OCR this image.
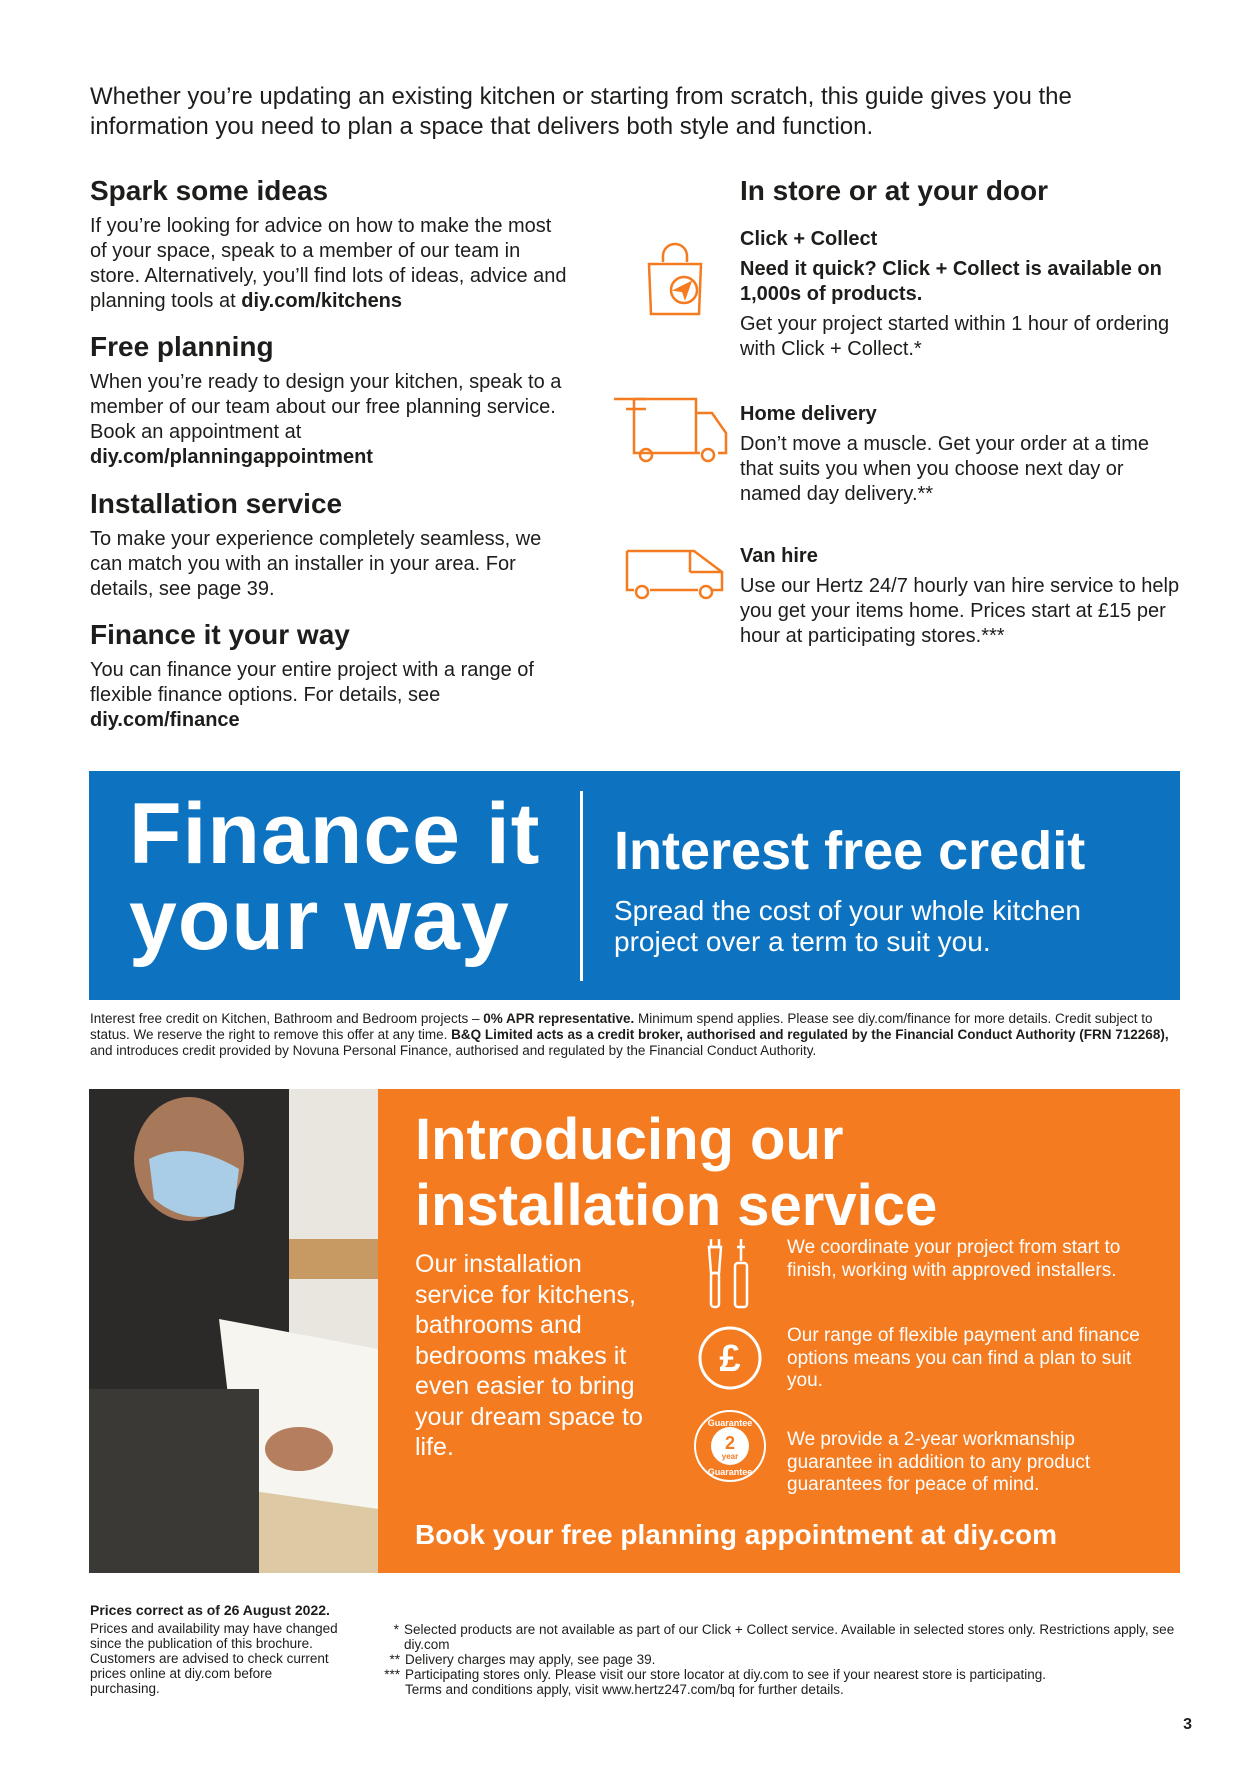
Whether you’re updating an existing kitchen or starting from scratch, this guide gives you the information you need to plan a space that delivers both style and function.
Spark some ideas
If you’re looking for advice on how to make the most of your space, speak to a member of our team in store. Alternatively, you’ll find lots of ideas, advice and planning tools at diy.com/kitchens
Free planning
When you’re ready to design your kitchen, speak to a member of our team about our free planning service. Book an appointment at diy.com/planningappointment
Installation service
To make your experience completely seamless, we can match you with an installer in your area. For details, see page 39.
Finance it your way
You can finance your entire project with a range of flexible finance options. For details, see diy.com/finance
In store or at your door
Click + Collect
Need it quick? Click + Collect is available on 1,000s of products.
Get your project started within 1 hour of ordering with Click + Collect.*
Home delivery
Don’t move a muscle. Get your order at a time that suits you when you choose next day or named day delivery.**
Van hire
Use our Hertz 24/7 hourly van hire service to help you get your items home. Prices start at £15 per hour at participating stores.***
Finance it
your way
Interest free credit
Spread the cost of your whole kitchen project over a term to suit you.
Interest free credit on Kitchen, Bathroom and Bedroom projects – 0% APR representative. Minimum spend applies. Please see diy.com/finance for more details. Credit subject to status. We reserve the right to remove this offer at any time. B&Q Limited acts as a credit broker, authorised and regulated by the Financial Conduct Authority (FRN 712268), and introduces credit provided by Novuna Personal Finance, authorised and regulated by the Financial Conduct Authority.
Introducing our
installation service
Our installation service for kitchens, bathrooms and bedrooms makes it even easier to bring your dream space to life.
We coordinate your project from start to finish, working with approved installers.
£
Our range of flexible payment and finance options means you can find a plan to suit you.
Guarantee
2
year
Guarantee
We provide a 2-year workmanship guarantee in addition to any product guarantees for peace of mind.
Book your free planning appointment at diy.com
Prices correct as of 26 August 2022.
Prices and availability may have changed since the publication of this brochure. Customers are advised to check current prices online at diy.com before purchasing.
* Selected products are not available as part of our Click + Collect service. Available in selected stores only. Restrictions apply, see diy.com
** Delivery charges may apply, see page 39.
*** Participating stores only. Please visit our store locator at diy.com to see if your nearest store is participating.
Terms and conditions apply, visit www.hertz247.com/bq for further details.
3
